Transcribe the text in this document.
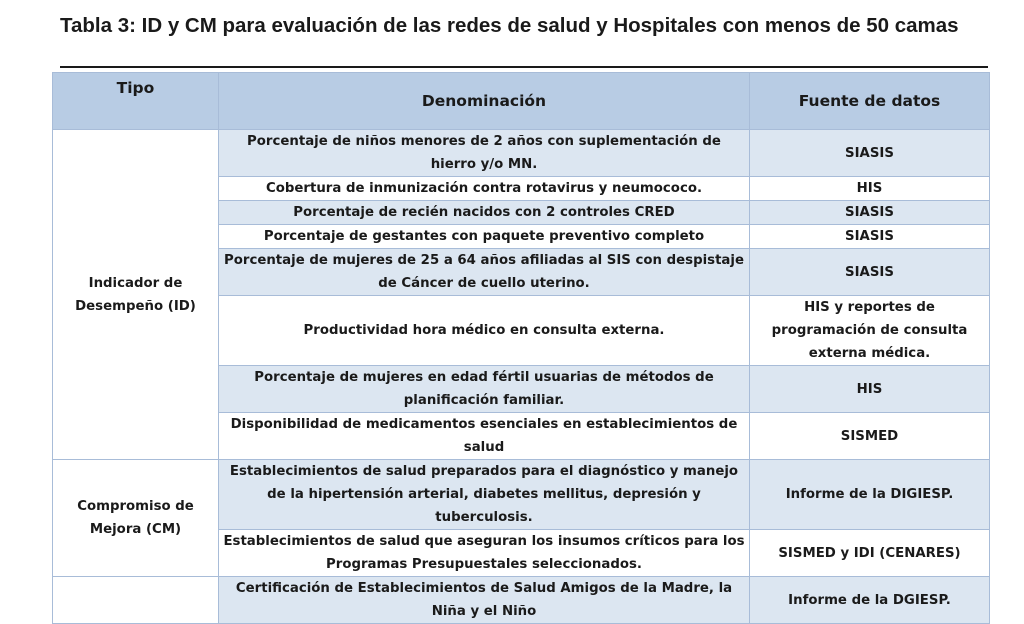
Tabla 3: ID y CM para evaluación de las redes de salud y Hospitales con menos de 50 camas
Tipo	Denominación	Fuente de datos
Indicador de Desempeño (ID)	Porcentaje de niños menores de 2 años con suplementación de hierro y/o MN.	SIASIS
	Cobertura de inmunización contra rotavirus y neumococo.	HIS
	Porcentaje de recién nacidos con 2 controles CRED	SIASIS
	Porcentaje de gestantes con paquete preventivo completo	SIASIS
	Porcentaje de mujeres de 25 a 64 años afiliadas al SIS con despistaje de Cáncer de cuello uterino.	SIASIS
	Productividad hora médico en consulta externa.	HIS y reportes de programación de consulta externa médica.
	Porcentaje de mujeres en edad fértil usuarias de métodos de planificación familiar.	HIS
	Disponibilidad de medicamentos esenciales en establecimientos de salud	SISMED
Compromiso de Mejora (CM)	Establecimientos de salud preparados para el diagnóstico y manejo de la hipertensión arterial, diabetes mellitus, depresión y tuberculosis.	Informe de la DIGIESP.
	Establecimientos de salud que aseguran los insumos críticos para los Programas Presupuestales seleccionados.	SISMED y IDI (CENARES)
	Certificación de Establecimientos de Salud Amigos de la Madre, la Niña y el Niño	Informe de la DGIESP.
